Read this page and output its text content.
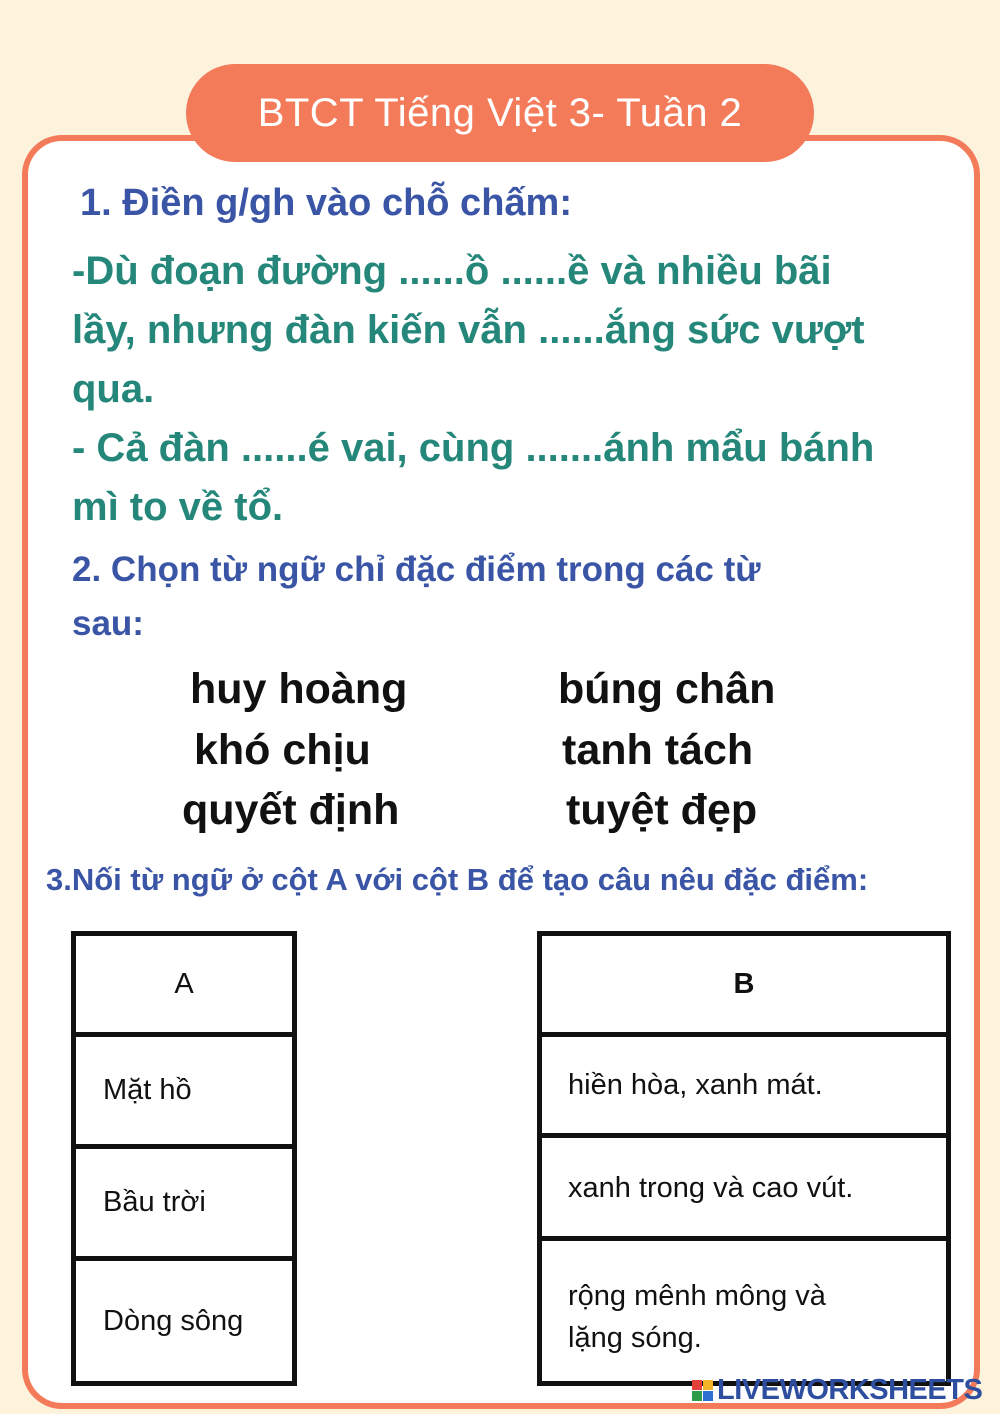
BTCT Tiếng Việt 3- Tuần 2
1. Điền g/gh vào chỗ chấm:
-Dù đoạn đường ......ồ ......ề và nhiều bãi
lầy, nhưng đàn kiến vẫn ......ắng sức vượt
qua.
- Cả đàn ......é vai, cùng .......ánh mẩu bánh
mì to về tổ.
2. Chọn từ ngữ chỉ đặc điểm trong các từ
sau:
huy hoàng	búng chân
khó chịu	tanh tách
quyết định	tuyệt đẹp
3.Nối từ ngữ ở cột A với cột B để tạo câu nêu đặc điểm:
A
Mặt hồ
Bầu trời
Dòng sông
B
hiền hòa, xanh mát.
xanh trong và cao vút.
rộng mênh mông và
lặng sóng.
LIVEWORKSHEETS
